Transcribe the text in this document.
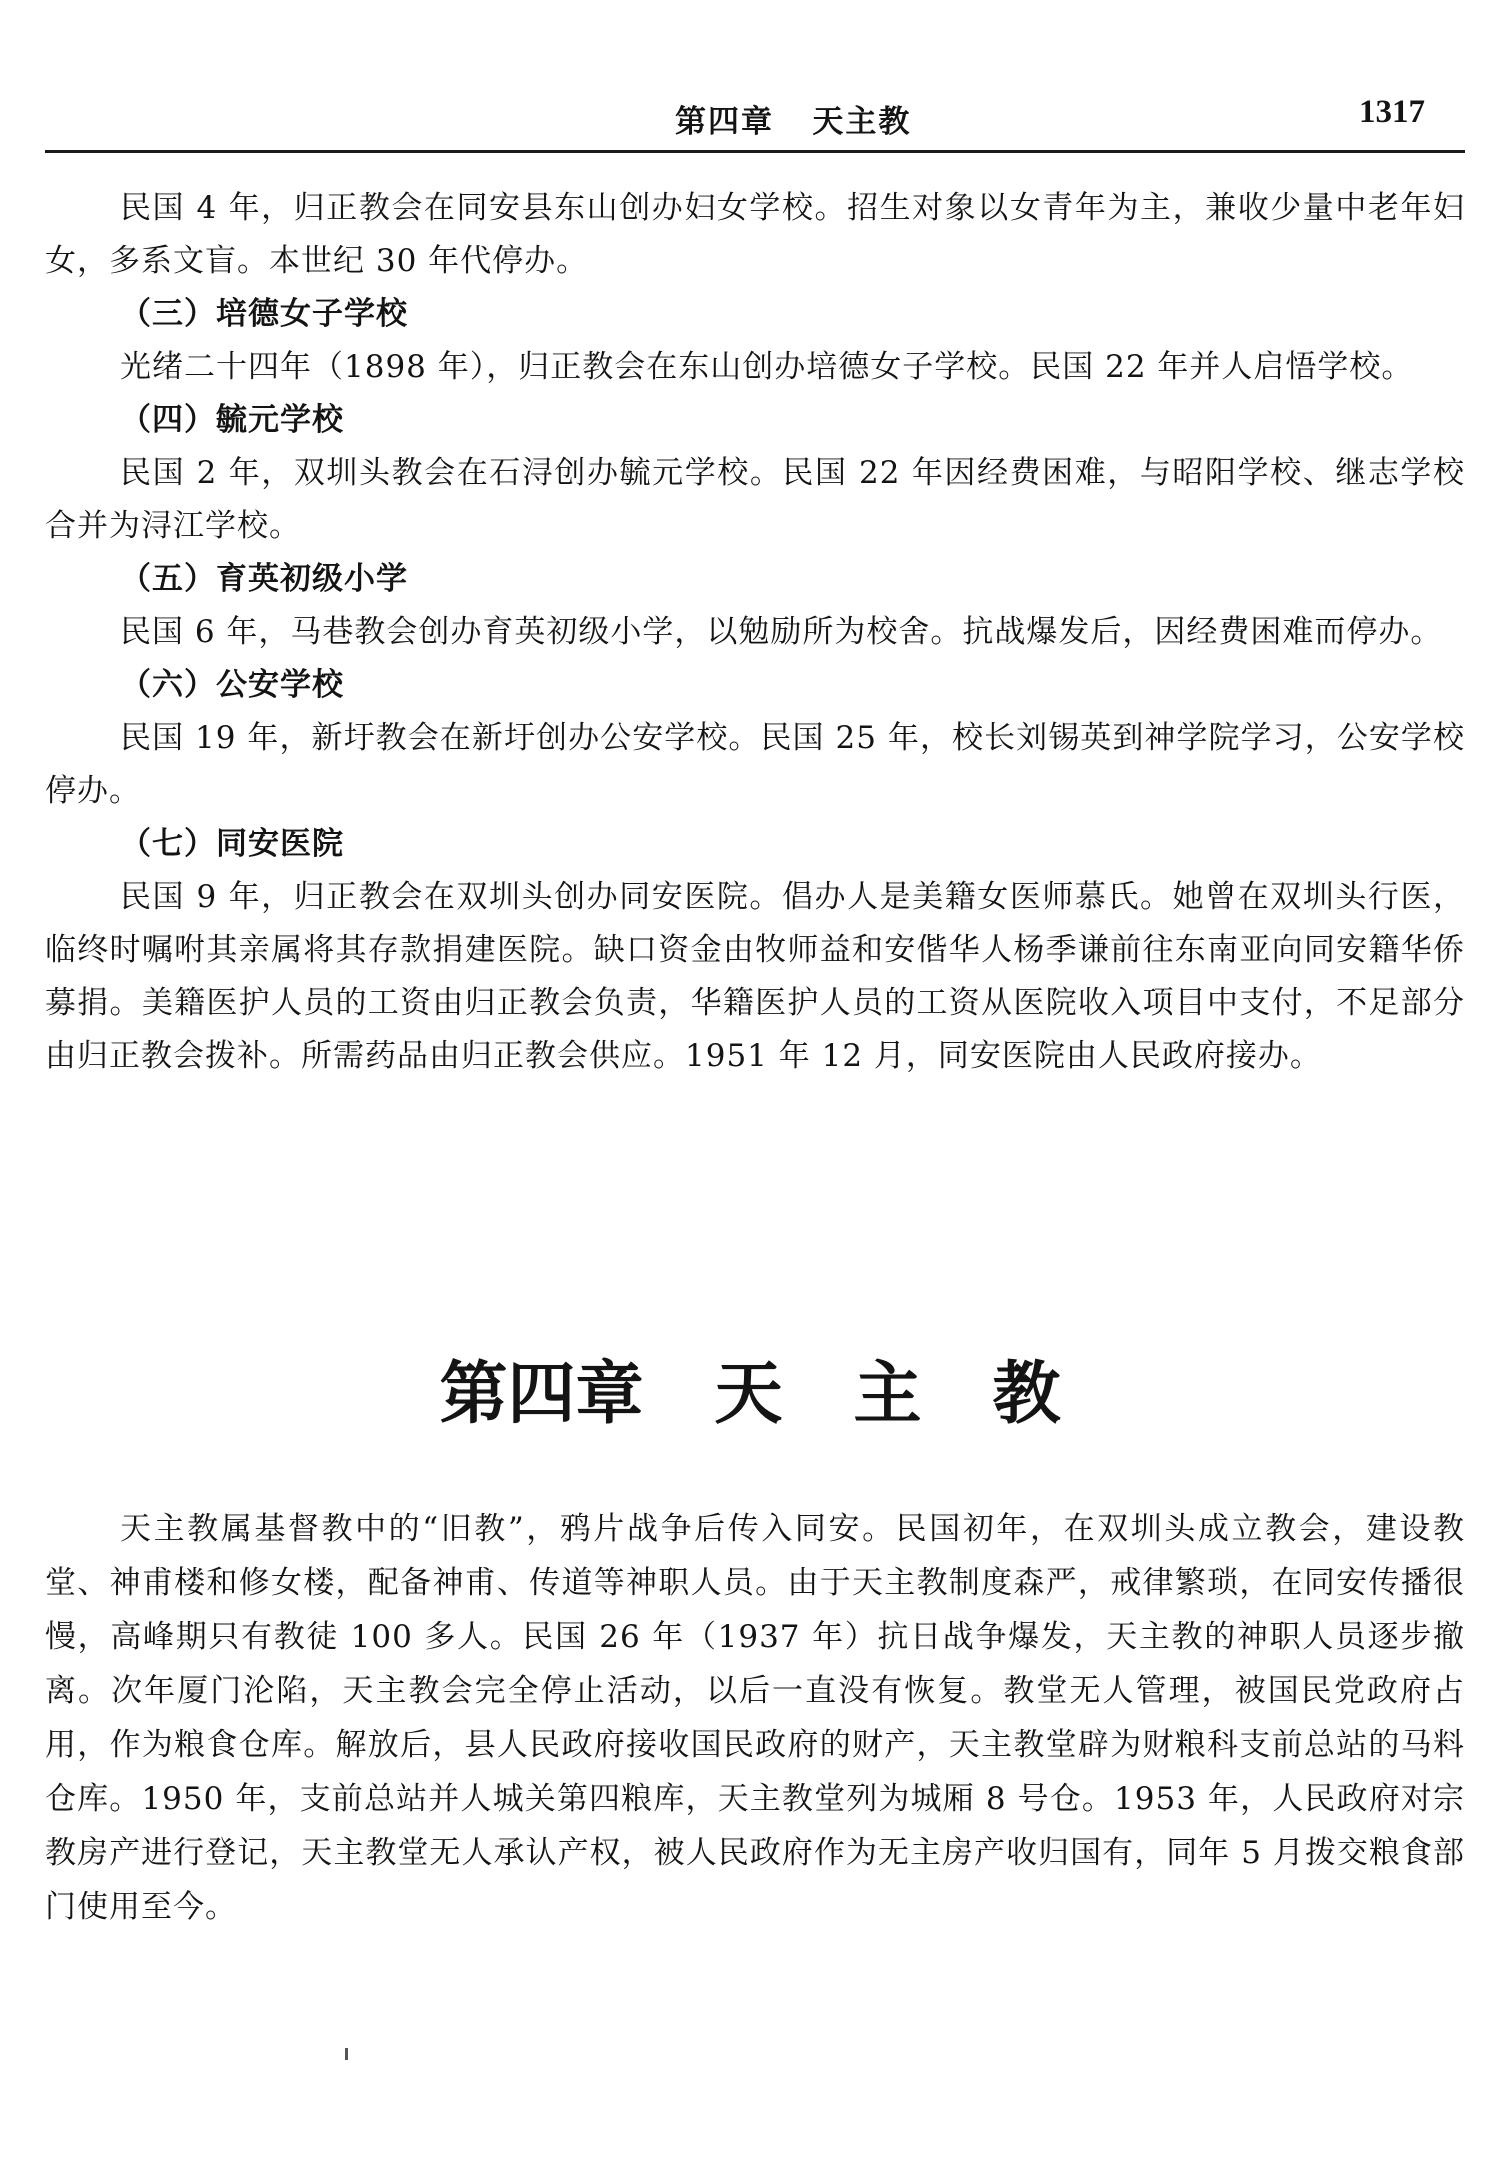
第四章   天主教	1317

民国 4 年，归正教会在同安县东山创办妇女学校。招生对象以女青年为主，兼收少量中老年妇女，多系文盲。本世纪 30 年代停办。

（三）培德女子学校

光绪二十四年（1898 年），归正教会在东山创办培德女子学校。民国 22 年并人启悟学校。

（四）毓元学校

民国 2 年，双圳头教会在石浔创办毓元学校。民国 22 年因经费困难，与昭阳学校、继志学校合并为浔江学校。

（五）育英初级小学

民国 6 年，马巷教会创办育英初级小学，以勉励所为校舍。抗战爆发后，因经费困难而停办。

（六）公安学校

民国 19 年，新圩教会在新圩创办公安学校。民国 25 年，校长刘锡英到神学院学习，公安学校停办。

（七）同安医院

民国 9 年，归正教会在双圳头创办同安医院。倡办人是美籍女医师慕氏。她曾在双圳头行医，临终时嘱咐其亲属将其存款捐建医院。缺口资金由牧师益和安偕华人杨季谦前往东南亚向同安籍华侨募捐。美籍医护人员的工资由归正教会负责，华籍医护人员的工资从医院收入项目中支付，不足部分由归正教会拨补。所需药品由归正教会供应。1951 年 12 月，同安医院由人民政府接办。

第四章   天   主   教

天主教属基督教中的“旧教”，鸦片战争后传入同安。民国初年，在双圳头成立教会，建设教堂、神甫楼和修女楼，配备神甫、传道等神职人员。由于天主教制度森严，戒律繁琐，在同安传播很慢，高峰期只有教徒 100 多人。民国 26 年（1937 年）抗日战争爆发，天主教的神职人员逐步撤离。次年厦门沦陷，天主教会完全停止活动，以后一直没有恢复。教堂无人管理，被国民党政府占用，作为粮食仓库。解放后，县人民政府接收国民政府的财产，天主教堂辟为财粮科支前总站的马料仓库。1950 年，支前总站并人城关第四粮库，天主教堂列为城厢 8 号仓。1953 年，人民政府对宗教房产进行登记，天主教堂无人承认产权，被人民政府作为无主房产收归国有，同年 5 月拨交粮食部门使用至今。
